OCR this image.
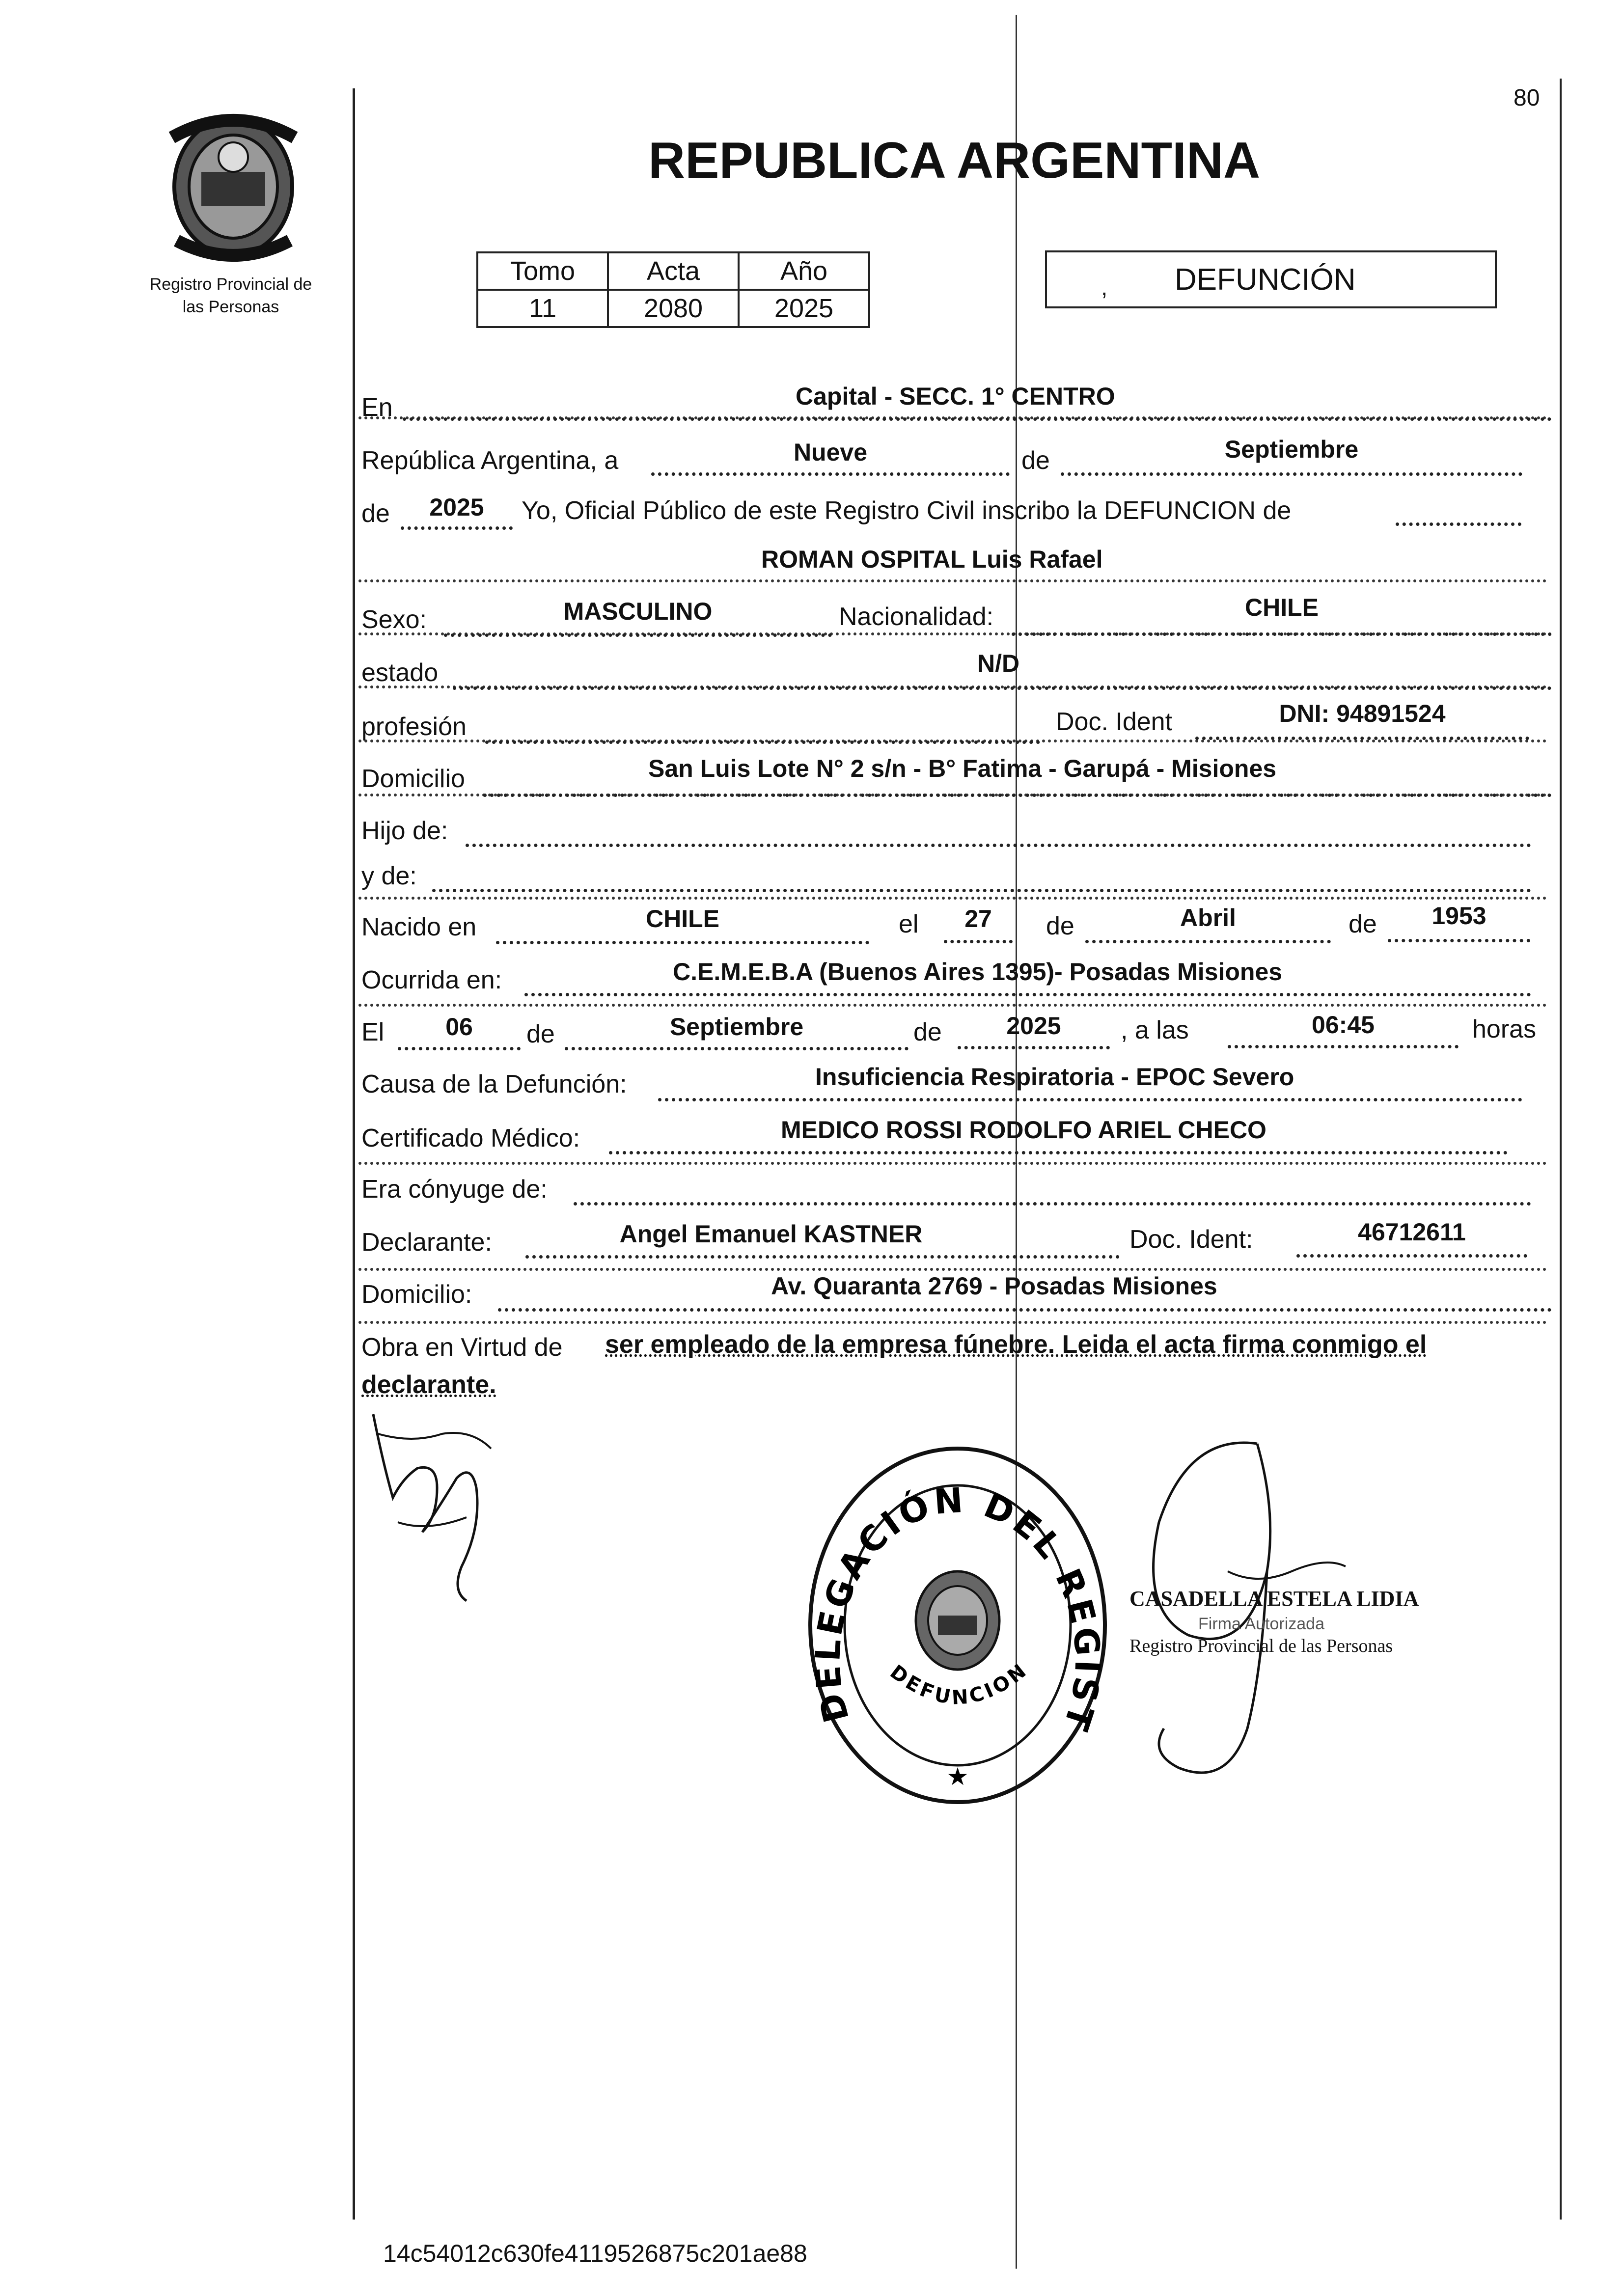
Registro Provincial de
las Personas
80
REPUBLICA ARGENTINA
Tomo	Acta	Año
11	2080	2025
, DEFUNCIÓN
En	Capital - SECC. 1° CENTRO
República Argentina, a	Nueve	de	Septiembre
de	2025	Yo, Oficial Público de este Registro Civil inscribo la DEFUNCION de
ROMAN OSPITAL Luis Rafael
Sexo:	MASCULINO	Nacionalidad:	CHILE
estado	N/D
profesión	Doc. Ident	DNI: 94891524
Domicilio	San Luis Lote N° 2 s/n - B° Fatima - Garupá - Misiones
Hijo de:
y de:
Nacido en	CHILE	el	27	de	Abril	de	1953
Ocurrida en:	C.E.M.E.B.A (Buenos Aires 1395)- Posadas Misiones
El	06	de	Septiembre	de	2025	, a las	06:45	horas
Causa de la Defunción:	Insuficiencia Respiratoria - EPOC Severo
Certificado Médico:	MEDICO ROSSI RODOLFO ARIEL CHECO
Era cónyuge de:
Declarante:	Angel Emanuel KASTNER	Doc. Ident:	46712611
Domicilio:	Av. Quaranta 2769 - Posadas Misiones
Obra en Virtud de ser empleado de la empresa fúnebre. Leida el acta firma conmigo el
declarante.
DELEGACIÓN DEL REGIST
DEFUNCION
★
CASADELLA ESTELA LIDIA
Firma Autorizada
Registro Provincial de las Personas
14c54012c630fe4119526875c201ae88
